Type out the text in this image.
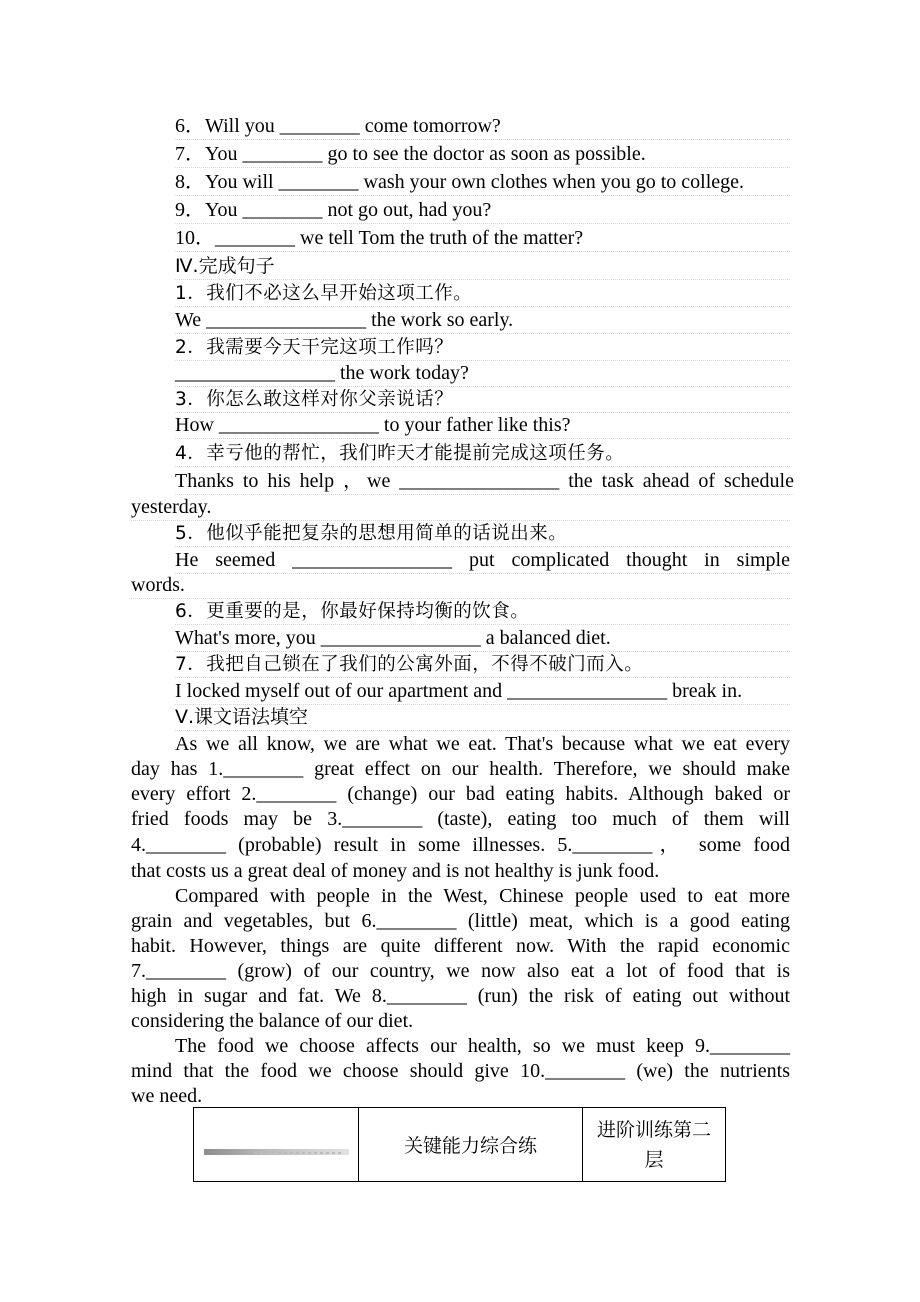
6．Will you ________ come tomorrow?
7．You ________ go to see the doctor as soon as possible.
8．You will ________ wash your own clothes when you go to college.
9．You ________ not go out, had you?
10．________ we tell Tom the truth of the matter?
Ⅳ.完成句子
1．我们不必这么早开始这项工作。
We ________________ the work so early.
2．我需要今天干完这项工作吗？
________________ the work today?
3．你怎么敢这样对你父亲说话？
How ________________ to your father like this?
4．幸亏他的帮忙，我们昨天才能提前完成这项任务。
Thanks to his help ，we ________________ the task ahead of schedule
yesterday.
5．他似乎能把复杂的思想用简单的话说出来。
He seemed ________________ put complicated thought in simple
words.
6．更重要的是，你最好保持均衡的饮食。
What's more, you ________________ a balanced diet.
7．我把自己锁在了我们的公寓外面，不得不破门而入。
I locked myself out of our apartment and ________________ break in.
Ⅴ.课文语法填空
As we all know, we are what we eat. That's because what we eat every
day has 1.________ great effect on our health. Therefore, we should make
every effort 2.________ (change) our bad eating habits. Although baked or
fried foods may be 3.________ (taste), eating too much of them will
4.________ (probable) result in some illnesses. 5.________， some food
that costs us a great deal of money and is not healthy is junk food.
Compared with people in the West, Chinese people used to eat more
grain and vegetables, but 6.________ (little) meat, which is a good eating
habit. However, things are quite different now. With the rapid economic
7.________ (grow) of our country, we now also eat a lot of food that is
high in sugar and fat. We 8.________ (run) the risk of eating out without
considering the balance of our diet.
The food we choose affects our health, so we must keep 9.________
mind that the food we choose should give 10.________ (we) the nutrients
we need.
关键能力综合练
进阶训练第二层
